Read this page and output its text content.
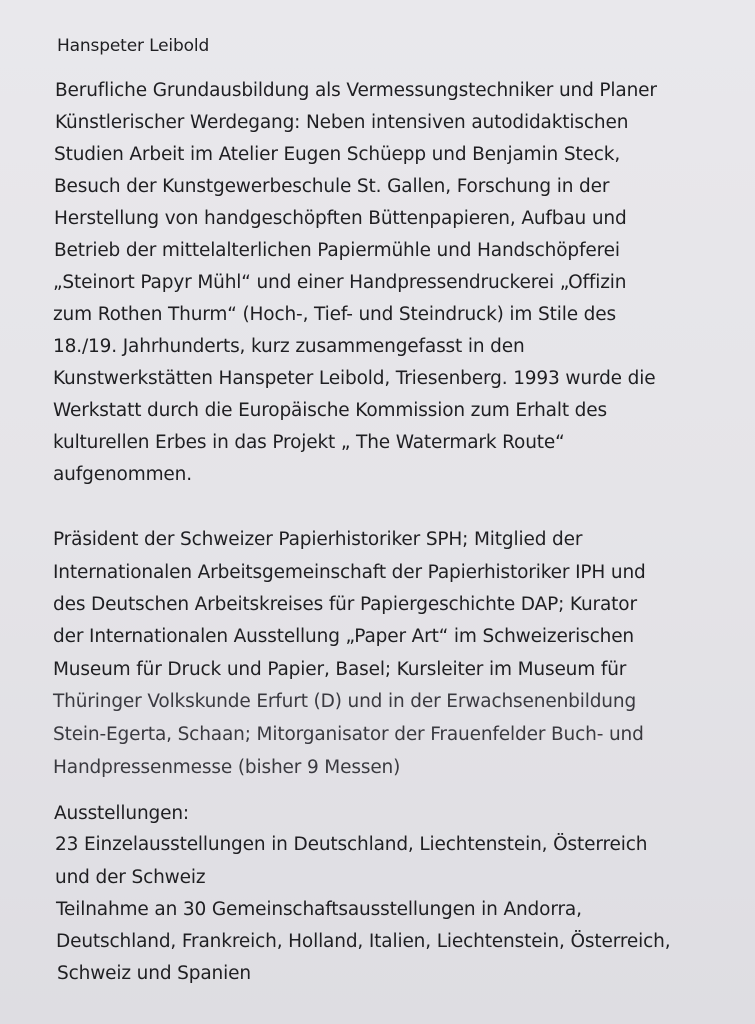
Hanspeter Leibold
Berufliche Grundausbildung als Vermessungstechniker und Planer
Künstlerischer Werdegang: Neben intensiven autodidaktischen
Studien Arbeit im Atelier Eugen Schüepp und Benjamin Steck,
Besuch der Kunstgewerbeschule St. Gallen, Forschung in der
Herstellung von handgeschöpften Büttenpapieren, Aufbau und
Betrieb der mittelalterlichen Papiermühle und Handschöpferei
„Steinort Papyr Mühl“ und einer Handpressendruckerei „Offizin
zum Rothen Thurm“ (Hoch-, Tief- und Steindruck) im Stile des
18./19. Jahrhunderts, kurz zusammengefasst in den
Kunstwerkstätten Hanspeter Leibold, Triesenberg. 1993 wurde die
Werkstatt durch die Europäische Kommission zum Erhalt des
kulturellen Erbes in das Projekt „ The Watermark Route“
aufgenommen.
Präsident der Schweizer Papierhistoriker SPH; Mitglied der
Internationalen Arbeitsgemeinschaft der Papierhistoriker IPH und
des Deutschen Arbeitskreises für Papiergeschichte DAP; Kurator
der Internationalen Ausstellung „Paper Art“ im Schweizerischen
Museum für Druck und Papier, Basel; Kursleiter im Museum für
Thüringer Volkskunde Erfurt (D) und in der Erwachsenenbildung
Stein-Egerta, Schaan; Mitorganisator der Frauenfelder Buch- und
Handpressenmesse (bisher 9 Messen)
Ausstellungen:
23 Einzelausstellungen in Deutschland, Liechtenstein, Österreich
und der Schweiz
Teilnahme an 30 Gemeinschaftsausstellungen in Andorra,
Deutschland, Frankreich, Holland, Italien, Liechtenstein, Österreich,
Schweiz und Spanien
